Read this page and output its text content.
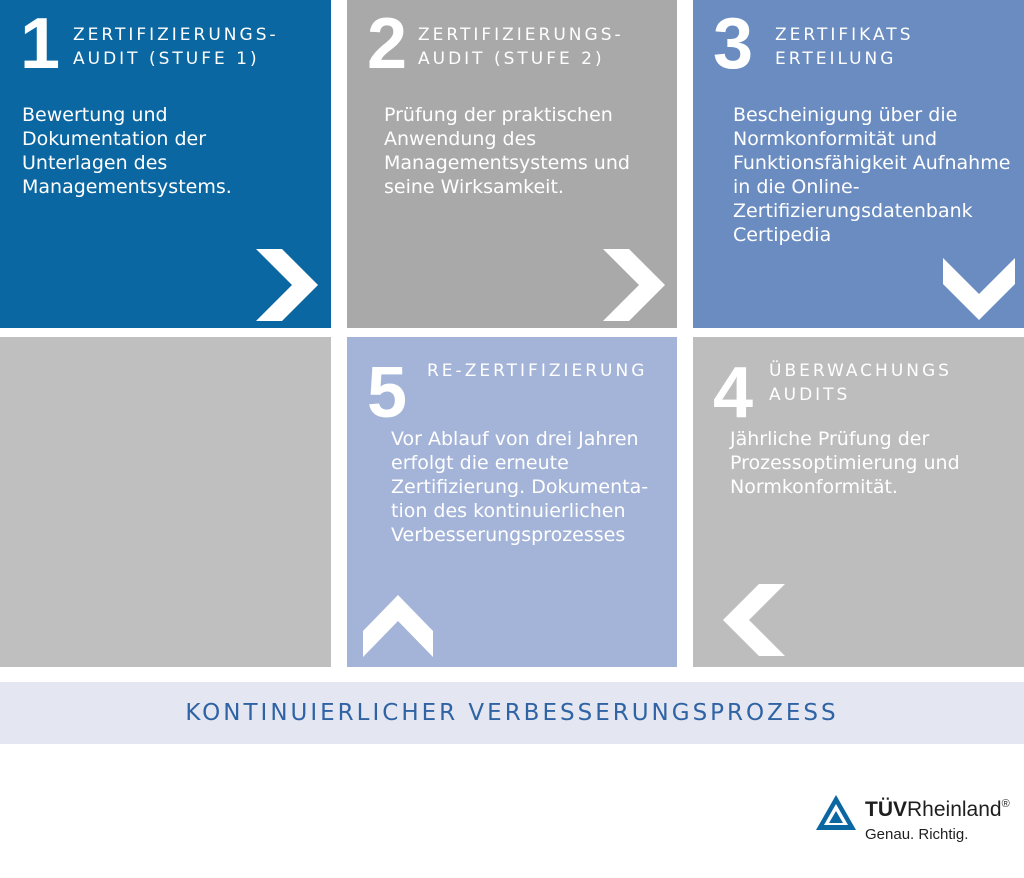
1 ZERTIFIZIERUNGS-
AUDIT (STUFE 1)
Bewertung und
Dokumentation der
Unterlagen des
Managementsystems.
2 ZERTIFIZIERUNGS-
AUDIT (STUFE 2)
Prüfung der praktischen
Anwendung des
Managementsystems und
seine Wirksamkeit.
3 ZERTIFIKATS
ERTEILUNG
Bescheinigung über die
Normkonformität und
Funktionsfähigkeit Aufnahme
in die Online-
Zertifizierungsdatenbank
Certipedia
5 RE-ZERTIFIZIERUNG
Vor Ablauf von drei Jahren
erfolgt die erneute
Zertifizierung. Dokumenta-
tion des kontinuierlichen
Verbesserungsprozesses
4 ÜBERWACHUNGS
AUDITS
Jährliche Prüfung der
Prozessoptimierung und
Normkonformität.
KONTINUIERLICHER VERBESSERUNGSPROZESS
TÜVRheinland®
Genau. Richtig.
